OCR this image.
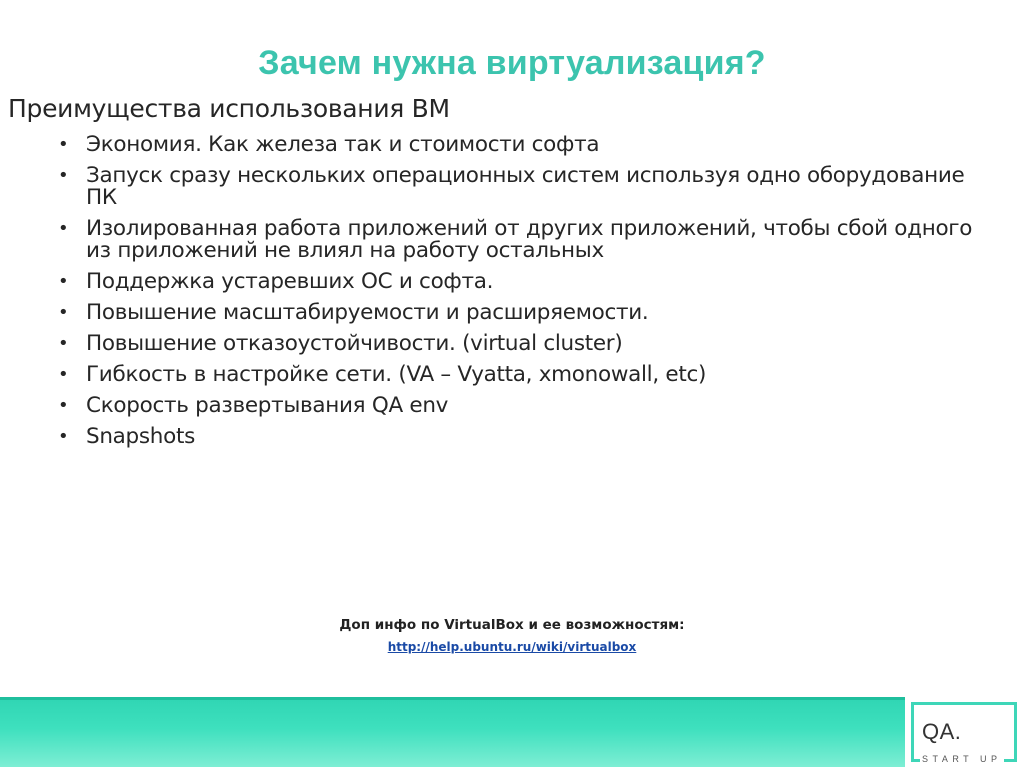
Зачем нужна виртуализация?
Преимущества использования ВМ
• Экономия. Как железа так и стоимости софта
• Запуск сразу нескольких операционных систем используя одно оборудование ПК
• Изолированная работа приложений от других приложений, чтобы сбой одного из приложений не влиял на работу остальных
• Поддержка устаревших ОС и софта.
• Повышение масштабируемости и расширяемости.
• Повышение отказоустойчивости. (virtual cluster)
• Гибкость в настройке сети. (VA – Vyatta, xmonowall, etc)
• Скорость развертывания QA env
• Snapshots
Доп инфо по VirtualBox и ее возможностям:
http://help.ubuntu.ru/wiki/virtualbox
QA.
START UP
